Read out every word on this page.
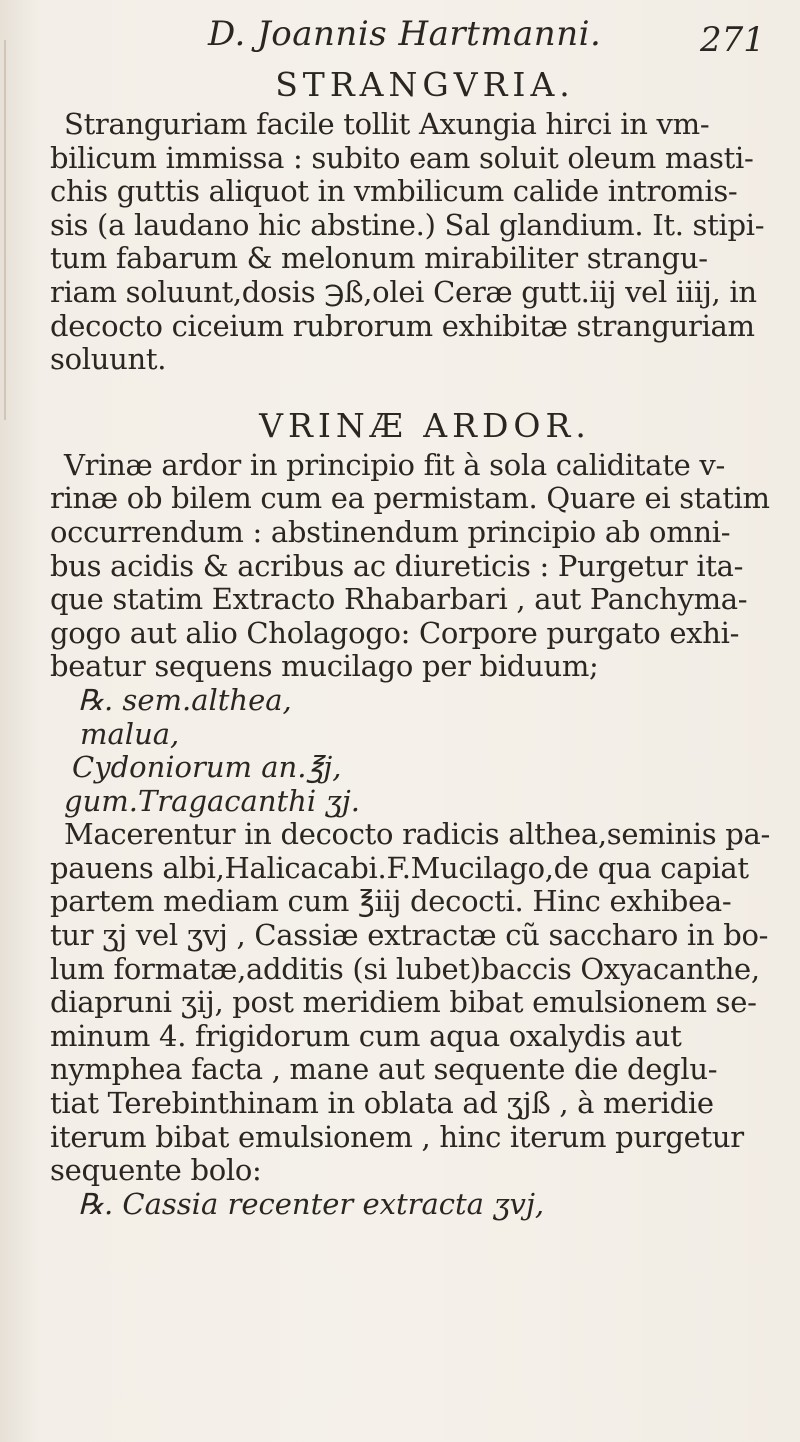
D. Joannis Hartmanni.	271
STRANGVRIA.
Stranguriam facile tollit Axungia hirci in vm-
bilicum immissa : subito eam soluit oleum masti-
chis guttis aliquot in vmbilicum calide intromis-
sis (a laudano hic abstine.) Sal glandium. It. stipi-
tum fabarum & melonum mirabiliter strangu-
riam soluunt,dosis ℈ß,olei Ceræ gutt.iij vel iiij, in
decocto ciceium rubrorum exhibitæ stranguriam
soluunt.
VRINÆ ARDOR.
Vrinæ ardor in principio fit à sola caliditate v-
rinæ ob bilem cum ea permistam. Quare ei statim
occurrendum : abstinendum principio ab omni-
bus acidis & acribus ac diureticis : Purgetur ita-
que statim Extracto Rhabarbari , aut Panchyma-
gogo aut alio Cholagogo: Corpore purgato exhi-
beatur sequens mucilago per biduum;
℞. sem.althea,
malua,
Cydoniorum an.℥j,
gum.Tragacanthi ʒj.
Macerentur in decocto radicis althea,seminis pa-
pauens albi,Halicacabi.F.Mucilago,de qua capiat
partem mediam cum ℥iij decocti. Hinc exhibea-
tur ʒj vel ʒvj , Cassiæ extractæ cũ saccharo in bo-
lum formatæ,additis (si lubet)baccis Oxyacanthe,
diapruni ʒij, post meridiem bibat emulsionem se-
minum 4. frigidorum cum aqua oxalydis aut
nymphea facta , mane aut sequente die deglu-
tiat Terebinthinam in oblata ad ʒjß , à meridie
iterum bibat emulsionem , hinc iterum purgetur
sequente bolo:
℞. Cassia recenter extracta ʒvj,
